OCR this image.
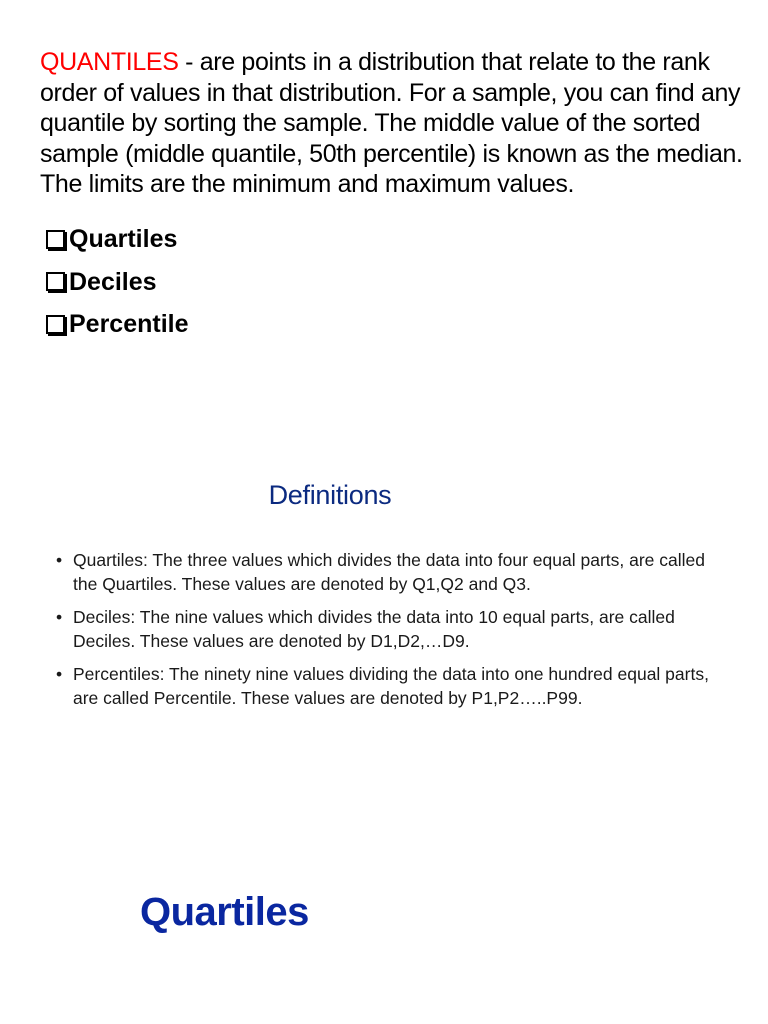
QUANTILES - are points in a distribution that relate to the rank order of values in that distribution. For a sample, you can find any quantile by sorting the sample. The middle value of the sorted sample (middle quantile, 50th percentile) is known as the median. The limits are the minimum and maximum values.

Quartiles
Deciles
Percentile
Definitions
• Quartiles: The three values which divides the data into four equal parts, are called the Quartiles. These values are denoted by Q1,Q2 and Q3.
• Deciles: The nine values which divides the data into 10 equal parts, are called Deciles. These values are denoted by D1,D2,…D9.
• Percentiles: The ninety nine values dividing the data into one hundred equal parts, are called Percentile. These values are denoted by P1,P2…..P99.
Quartiles
